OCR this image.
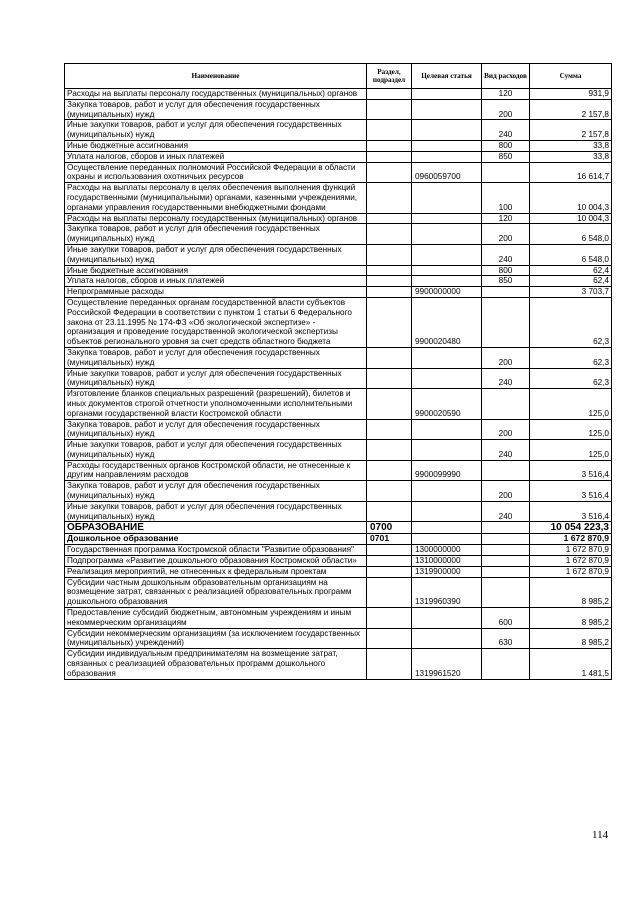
Наименование	Раздел, подраздел	Целевая статья	Вид расходов	Сумма
Расходы на выплаты персоналу государственных (муниципальных) органов			120	931,9
Закупка товаров, работ и услуг для обеспечения государственных (муниципальных) нужд			200	2 157,8
Иные закупки товаров, работ и услуг для обеспечения государственных (муниципальных) нужд			240	2 157,8
Иные бюджетные ассигнования			800	33,8
Уплата налогов, сборов и иных платежей			850	33,8
Осуществление переданных полномочий Российской Федерации в области охраны и использования охотничьих ресурсов		0960059700		16 614,7
Расходы на выплаты персоналу в целях обеспечения выполнения функций государственными (муниципальными) органами, казенными учреждениями, органами управления государственными внебюджетными фондами			100	10 004,3
Расходы на выплаты персоналу государственных (муниципальных) органов			120	10 004,3
Закупка товаров, работ и услуг для обеспечения государственных (муниципальных) нужд			200	6 548,0
Иные закупки товаров, работ и услуг для обеспечения государственных (муниципальных) нужд			240	6 548,0
Иные бюджетные ассигнования			800	62,4
Уплата налогов, сборов и иных платежей			850	62,4
Непрограммные расходы		9900000000		3 703,7
Осуществление переданных органам государственной власти субъектов Российской Федерации в соответствии с пунктом 1 статьи 6 Федерального закона от 23.11.1995 № 174-ФЗ «Об экологической экспертизе» - организация и проведение государственной экологической экспертизы объектов регионального уровня за счет средств областного бюджета		9900020480		62,3
Закупка товаров, работ и услуг для обеспечения государственных (муниципальных) нужд			200	62,3
Иные закупки товаров, работ и услуг для обеспечения государственных (муниципальных) нужд			240	62,3
Изготовление бланков специальных разрешений (разрешений), билетов и иных документов строгой отчетности уполномоченными исполнительными органами государственной власти Костромской области		9900020590		125,0
Закупка товаров, работ и услуг для обеспечения государственных (муниципальных) нужд			200	125,0
Иные закупки товаров, работ и услуг для обеспечения государственных (муниципальных) нужд			240	125,0
Расходы государственных органов Костромской области, не отнесенные к другим направлениям расходов		9900099990		3 516,4
Закупка товаров, работ и услуг для обеспечения государственных (муниципальных) нужд			200	3 516,4
Иные закупки товаров, работ и услуг для обеспечения государственных (муниципальных) нужд			240	3 516,4
ОБРАЗОВАНИЕ	0700			10 054 223,3
Дошкольное образование	0701			1 672 870,9
Государственная программа Костромской области "Развитие образования"		1300000000		1 672 870,9
Подпрограмма «Развитие дошкольного образования Костромской области»		1310000000		1 672 870,9
Реализация мероприятий, не отнесенных к федеральным проектам		1319900000		1 672 870,9
Субсидии частным дошкольным образовательным организациям на возмещение затрат, связанных с реализацией образовательных программ дошкольного образования		1319960390		8 985,2
Предоставление субсидий бюджетным, автономным учреждениям и иным некоммерческим организациям			600	8 985,2
Субсидии некоммерческим организациям (за исключением государственных (муниципальных) учреждений)			630	8 985,2
Субсидии индивидуальным предпринимателям на возмещение затрат, связанных с реализацией образовательных программ дошкольного образования		1319961520		1 481,5
114
